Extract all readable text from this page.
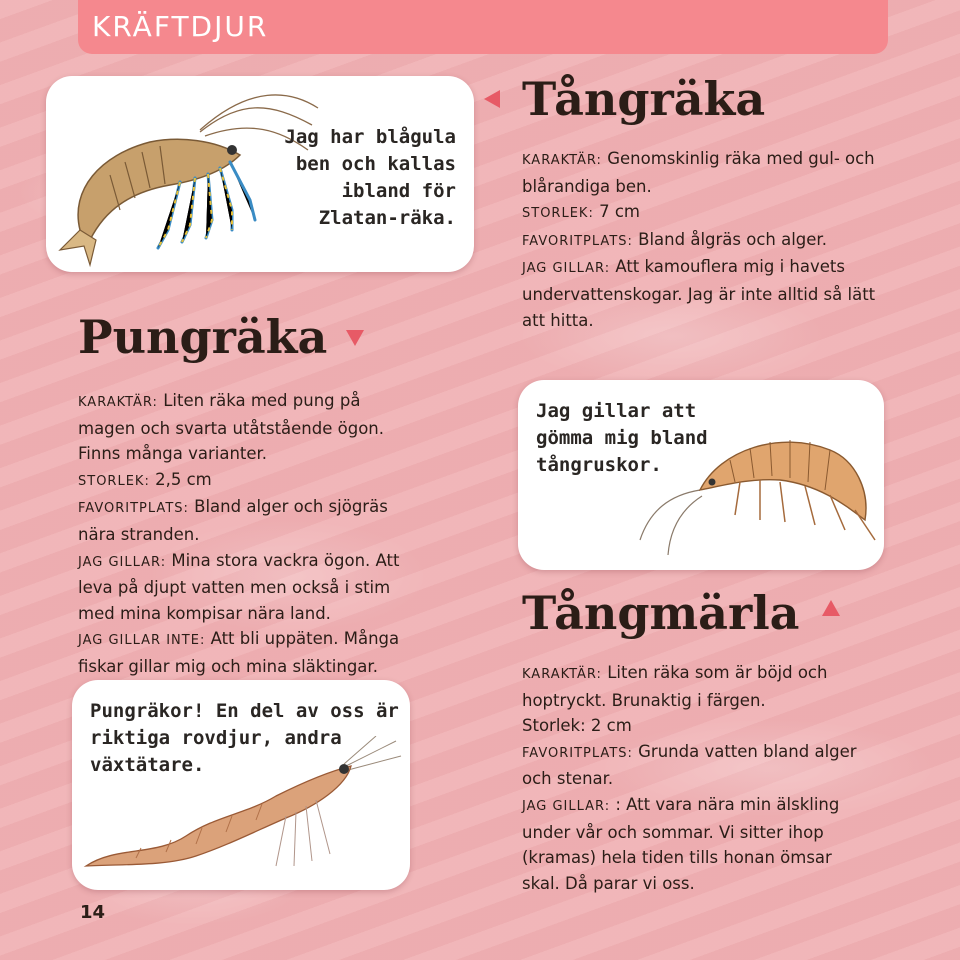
KRÄFTDJUR
Jag har blågula
ben och kallas
ibland för
Zlatan-räka.
Tångräka

KARAKTÄR: Genomskinlig räka med gul- och blårandiga ben.

STORLEK: 7 cm

FAVORITPLATS: Bland ålgräs och alger.

JAG GILLAR: Att kamouflera mig i havets undervattenskogar. Jag är inte alltid så lätt att hitta.

Pungräka

KARAKTÄR: Liten räka med pung på magen och svarta utåtstående ögon. Finns många varianter.

STORLEK: 2,5 cm

FAVORITPLATS: Bland alger och sjögräs nära stranden.

JAG GILLAR: Mina stora vackra ögon. Att leva på djupt vatten men också i stim med mina kompisar nära land.

JAG GILLAR INTE: Att bli uppäten. Många fiskar gillar mig och mina släktingar.

Pungräkor! En del av oss är
riktiga rovdjur, andra
växtätare.
Jag gillar att
gömma mig bland
tångruskor.
Tångmärla

KARAKTÄR: Liten räka som är böjd och hoptryckt. Brunaktig i färgen.

Storlek: 2 cm

FAVORITPLATS: Grunda vatten bland alger och stenar.

JAG GILLAR: : Att vara nära min älskling under vår och sommar. Vi sitter ihop (kramas) hela tiden tills honan ömsar skal. Då parar vi oss.

14
